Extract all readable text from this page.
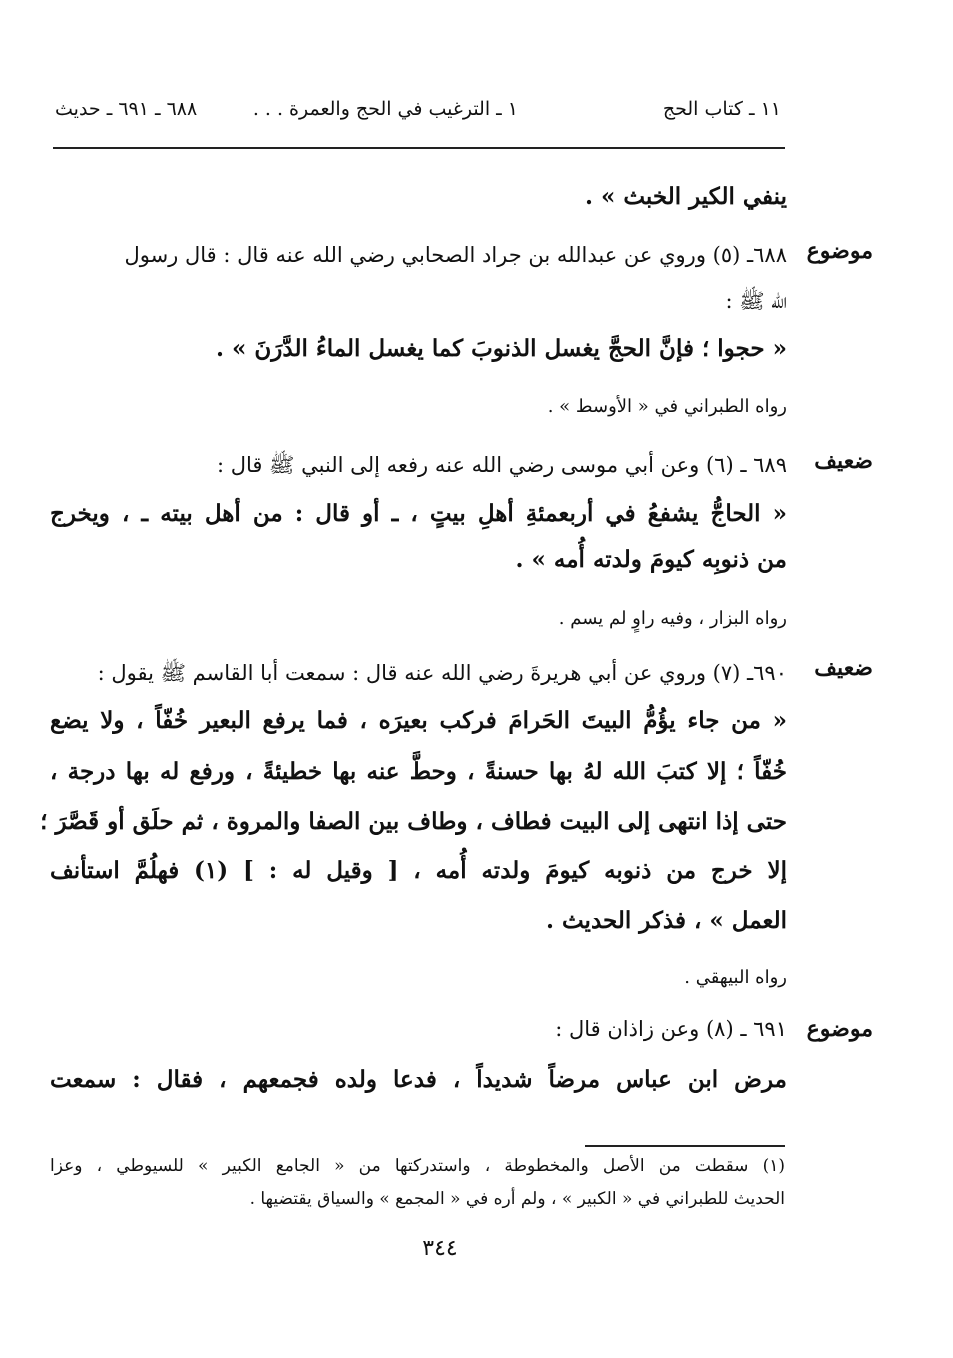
١١ ـ كتاب الحج
١ ـ الترغيب في الحج والعمرة . . .
٦٨٨ ـ ٦٩١ ـ حديث
ينفي الكير الخبث » .
٦٨٨ـ (٥) وروي عن عبدالله بن جراد الصحابي رضي الله عنه قال : قال رسول
الله ﷺ :
« حجوا ؛ فإنَّ الحجَّ يغسل الذنوبَ كما يغسل الماءُ الدَّرَنَ » .
رواه الطبراني في « الأوسط » .
٦٨٩ ـ (٦) وعن أبي موسى رضي الله عنه رفعه إلى النبي ﷺ قال :
« الحاجُّ يشفعُ في أربعمئةِ أهلِ بيتٍ ، ـ أو قال : من أهل بيته ـ ، ويخرج
من ذنوبِه كيومَ ولدته أُمه » .
رواه البزار ، وفيه راوٍ لم يسم .
٦٩٠ـ (٧) وروي عن أبي هريرةَ رضي الله عنه قال : سمعت أبا القاسم ﷺ يقول :
« من جاء يؤُمُّ البيتَ الحَرامَ فركب بعيرَه ، فما يرفع البعير خُفّاً ، ولا يضع
خُفّاً ؛ إلا كتبَ الله لهُ بها حسنةً ، وحطَّ عنه بها خطيئةً ، ورفع له بها درجة ،
حتى إذا انتهى إلى البيت فطاف ، وطاف بين الصفا والمروة ، ثم حلَق أو قَصَّرَ ؛
إلا خرج من ذنوبه كيومَ ولدته أُمه ، [ وقيل له : ] (١) فهلُمَّ استأنف
العمل » ، فذكر الحديث .
رواه البيهقي .
٦٩١ ـ (٨) وعن زاذان قال :
مرض ابن عباس مرضاً شديداً ، فدعا ولده فجمعهم ، فقال : سمعت
موضوع
ضعيف
ضعيف
موضوع
(١) سقطت من الأصل والمخطوطة ، واستدركتها من « الجامع الكبير » للسيوطي ، وعزا
الحديث للطبراني في « الكبير » ، ولم أره في « المجمع » والسياق يقتضيها .
٣٤٤
